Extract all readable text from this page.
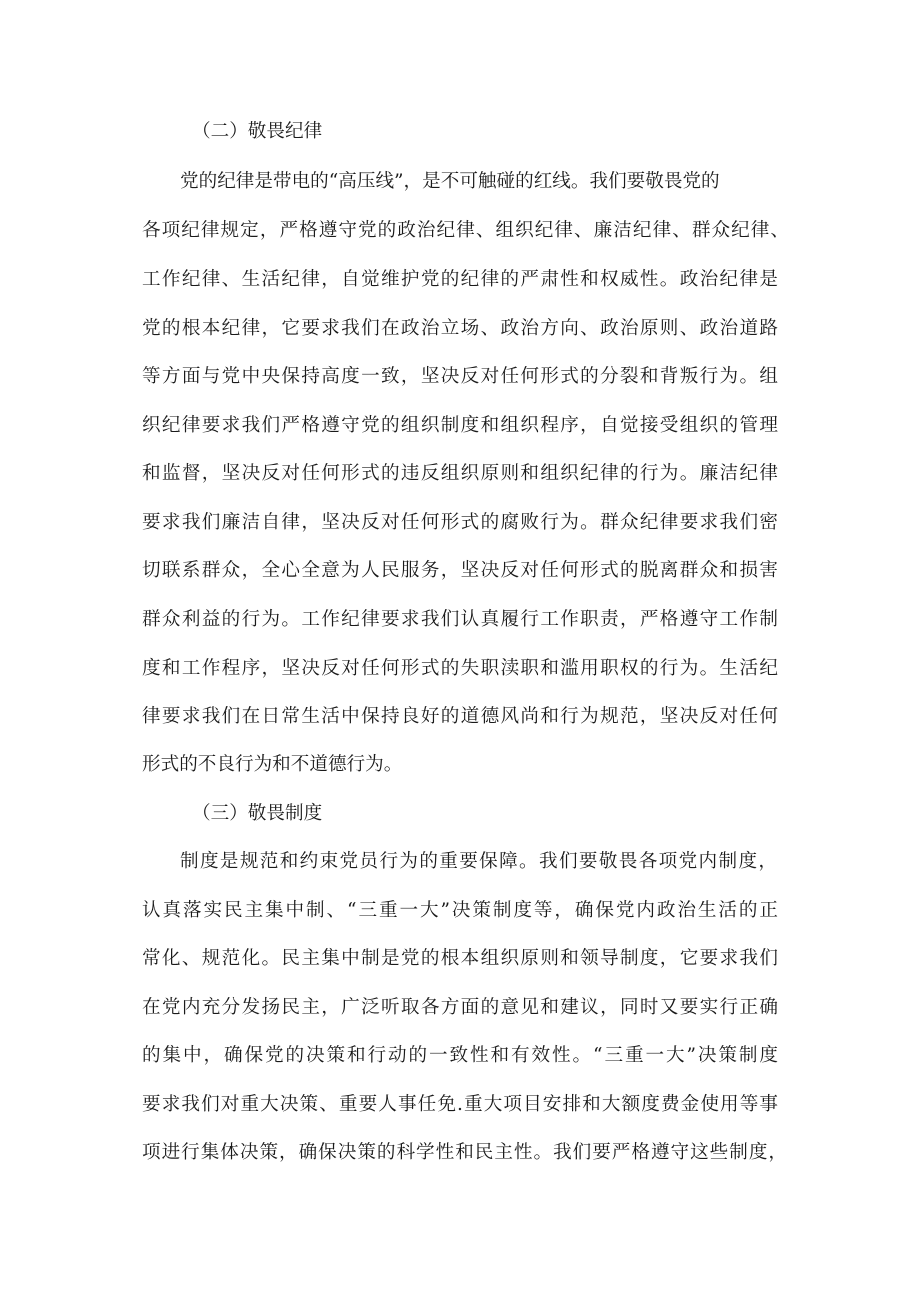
（二）敬畏纪律
党的纪律是带电的“高压线”，是不可触碰的红线。我们要敬畏党的
各项纪律规定，严格遵守党的政治纪律、组织纪律、廉洁纪律、群众纪律、
工作纪律、生活纪律，自觉维护党的纪律的严肃性和权威性。政治纪律是
党的根本纪律，它要求我们在政治立场、政治方向、政治原则、政治道路
等方面与党中央保持高度一致，坚决反对任何形式的分裂和背叛行为。组
织纪律要求我们严格遵守党的组织制度和组织程序，自觉接受组织的管理
和监督，坚决反对任何形式的违反组织原则和组织纪律的行为。廉洁纪律
要求我们廉洁自律，坚决反对任何形式的腐败行为。群众纪律要求我们密
切联系群众，全心全意为人民服务，坚决反对任何形式的脱离群众和损害
群众利益的行为。工作纪律要求我们认真履行工作职责，严格遵守工作制
度和工作程序，坚决反对任何形式的失职渎职和滥用职权的行为。生活纪
律要求我们在日常生活中保持良好的道德风尚和行为规范，坚决反对任何
形式的不良行为和不道德行为。
（三）敬畏制度
制度是规范和约束党员行为的重要保障。我们要敬畏各项党内制度，
认真落实民主集中制、“三重一大”决策制度等，确保党内政治生活的正
常化、规范化。民主集中制是党的根本组织原则和领导制度，它要求我们
在党内充分发扬民主，广泛听取各方面的意见和建议，同时又要实行正确
的集中，确保党的决策和行动的一致性和有效性。“三重一大”决策制度
要求我们对重大决策、重要人事任免.重大项目安排和大额度费金使用等事
项进行集体决策，确保决策的科学性和民主性。我们要严格遵守这些制度，
